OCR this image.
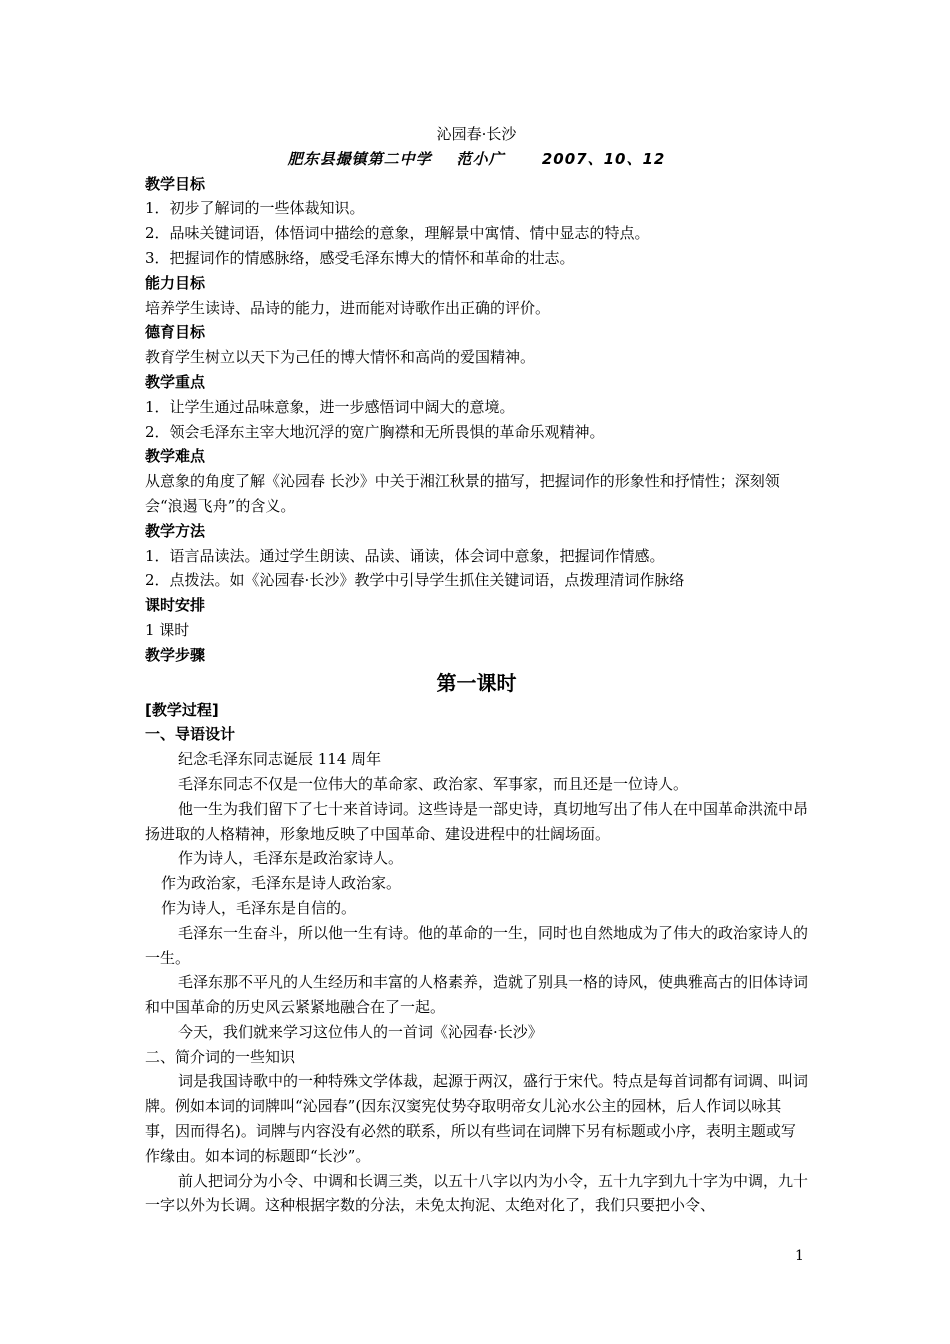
沁园春·长沙
肥东县撮镇第二中学    范小广      2007、10、12
教学目标
1．初步了解词的一些体裁知识。
2．品味关键词语，体悟词中描绘的意象，理解景中寓情、情中显志的特点。
3．把握词作的情感脉络，感受毛泽东博大的情怀和革命的壮志。
能力目标
培养学生读诗、品诗的能力，进而能对诗歌作出正确的评价。
德育目标
教育学生树立以天下为己任的博大情怀和高尚的爱国精神。
教学重点
1．让学生通过品味意象，进一步感悟词中阔大的意境。
2．领会毛泽东主宰大地沉浮的宽广胸襟和无所畏惧的革命乐观精神。
教学难点
从意象的角度了解《沁园春 长沙》中关于湘江秋景的描写，把握词作的形象性和抒情性；深刻领会“浪遏飞舟”的含义。
教学方法
1．语言品读法。通过学生朗读、品读、诵读，体会词中意象，把握词作情感。
2．点拨法。如《沁园春·长沙》教学中引导学生抓住关键词语，点拨理清词作脉络
课时安排
1 课时
教学步骤
第一课时
[教学过程]
一、导语设计
纪念毛泽东同志诞辰 114 周年
毛泽东同志不仅是一位伟大的革命家、政治家、军事家，而且还是一位诗人。
他一生为我们留下了七十来首诗词。这些诗是一部史诗，真切地写出了伟人在中国革命洪流中昂扬进取的人格精神，形象地反映了中国革命、建设进程中的壮阔场面。
作为诗人，毛泽东是政治家诗人。
作为政治家，毛泽东是诗人政治家。
作为诗人，毛泽东是自信的。
毛泽东一生奋斗，所以他一生有诗。他的革命的一生，同时也自然地成为了伟大的政治家诗人的一生。
毛泽东那不平凡的人生经历和丰富的人格素养，造就了别具一格的诗风，使典雅高古的旧体诗词和中国革命的历史风云紧紧地融合在了一起。
今天，我们就来学习这位伟人的一首词《沁园春·长沙》
二、简介词的一些知识
词是我国诗歌中的一种特殊文学体裁，起源于两汉，盛行于宋代。特点是每首词都有词调、叫词牌。例如本词的词牌叫“沁园春”(因东汉窦宪仗势夺取明帝女儿沁水公主的园林，后人作词以咏其事，因而得名)。词牌与内容没有必然的联系，所以有些词在词牌下另有标题或小序，表明主题或写作缘由。如本词的标题即“长沙”。
前人把词分为小令、中调和长调三类，以五十八字以内为小令，五十九字到九十字为中调，九十一字以外为长调。这种根据字数的分法，未免太拘泥、太绝对化了，我们只要把小令、
1
